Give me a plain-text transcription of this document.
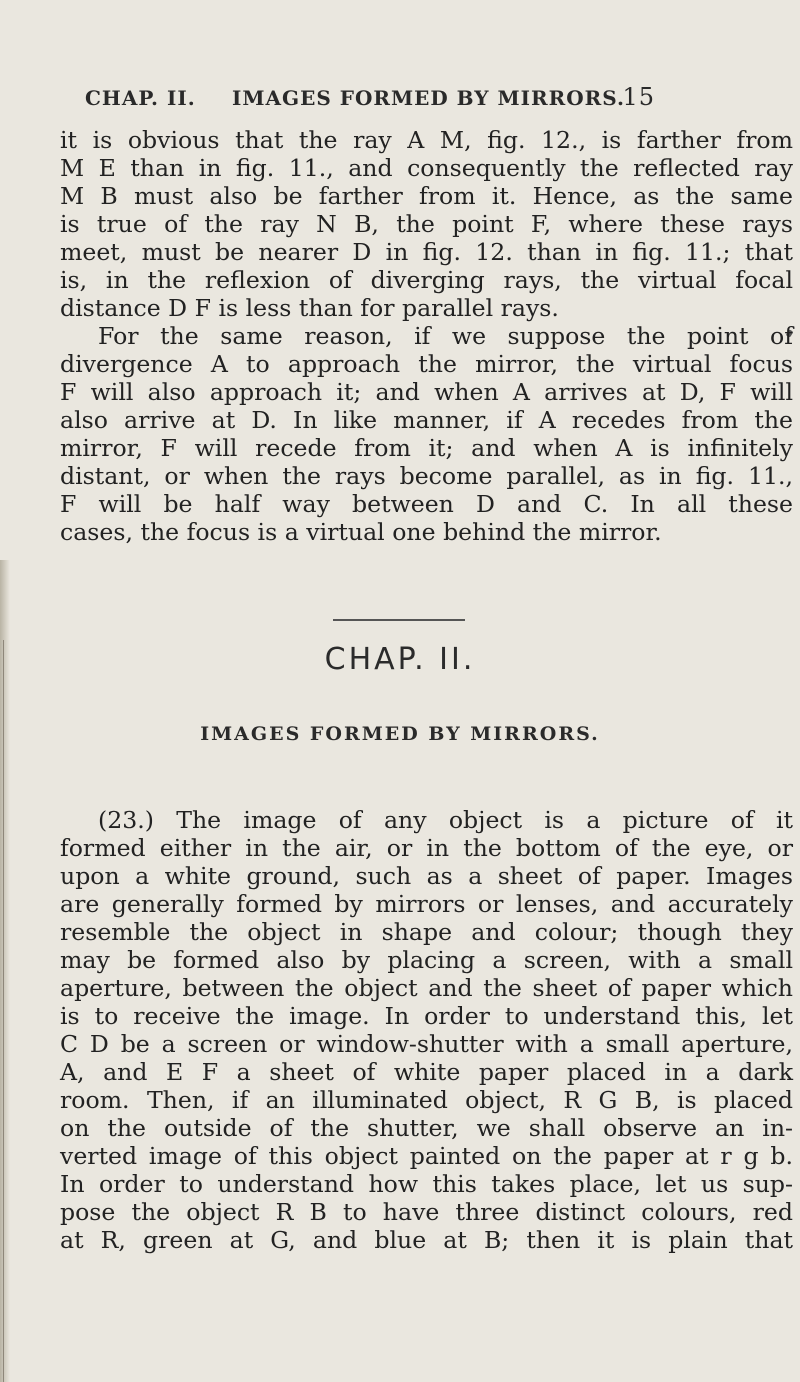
CHAP. II. IMAGES FORMED BY MIRRORS.
15
it is obvious that the ray A M, fig. 12., is farther from
M E than in fig. 11., and consequently the reflected ray
M B must also be farther from it. Hence, as the same
is true of the ray N B, the point F, where these rays
meet, must be nearer D in fig. 12. than in fig. 11.; that
is, in the reflexion of diverging rays, the virtual focal
distance D F is less than for parallel rays.
For the same reason, if we suppose the point of
divergence A to approach the mirror, the virtual focus
F will also approach it; and when A arrives at D, F will
also arrive at D. In like manner, if A recedes from the
mirror, F will recede from it; and when A is infinitely
distant, or when the rays become parallel, as in fig. 11.,
F will be half way between D and C. In all these
cases, the focus is a virtual one behind the mirror.
CHAP. II.
IMAGES FORMED BY MIRRORS.
(23.) The image of any object is a picture of it
formed either in the air, or in the bottom of the eye, or
upon a white ground, such as a sheet of paper. Images
are generally formed by mirrors or lenses, and accurately
resemble the object in shape and colour; though they
may be formed also by placing a screen, with a small
aperture, between the object and the sheet of paper which
is to receive the image. In order to understand this, let
C D be a screen or window-shutter with a small aperture,
A, and E F a sheet of white paper placed in a dark
room. Then, if an illuminated object, R G B, is placed
on the outside of the shutter, we shall observe an in-
verted image of this object painted on the paper at r g b.
In order to understand how this takes place, let us sup-
pose the object R B to have three distinct colours, red
at R, green at G, and blue at B; then it is plain that
